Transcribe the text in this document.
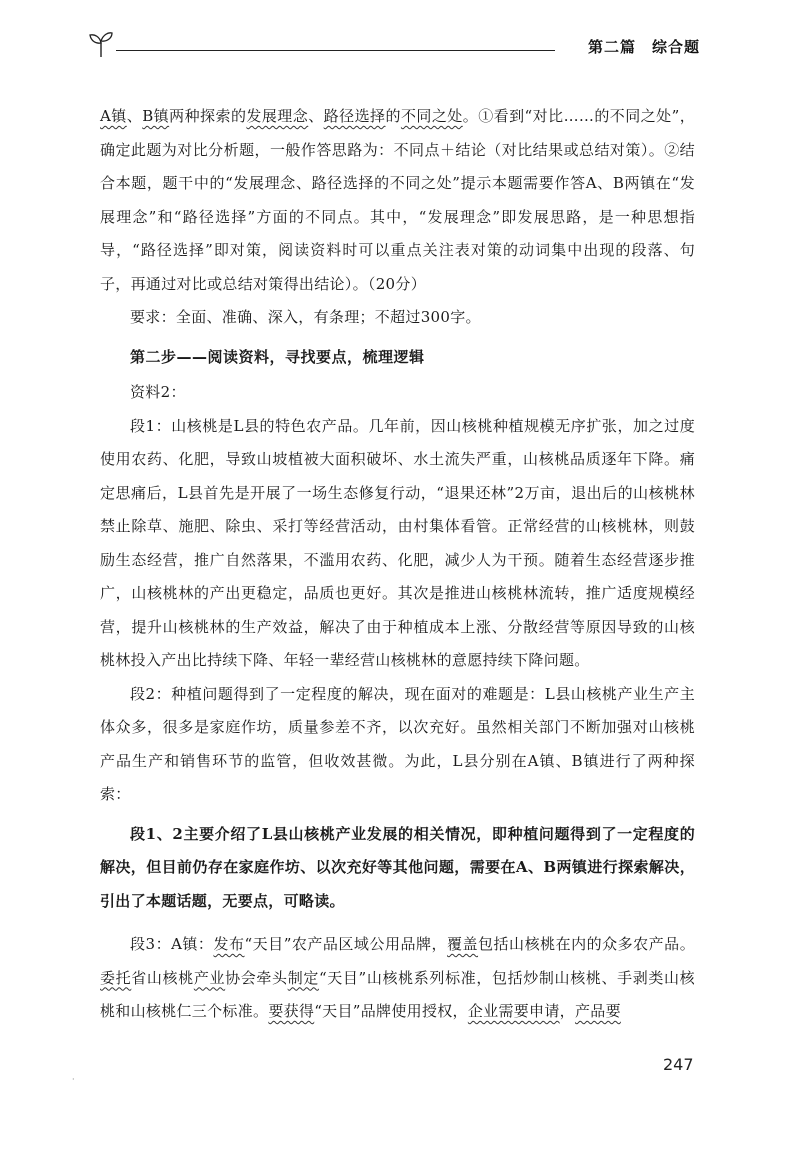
第二篇　综合题

A镇、B镇两种探索的发展理念、路径选择的不同之处。①看到“对比……的不同之处”，确定此题为对比分析题，一般作答思路为：不同点＋结论（对比结果或总结对策）。②结合本题，题干中的“发展理念、路径选择的不同之处”提示本题需要作答A、B两镇在“发展理念”和“路径选择”方面的不同点。其中，“发展理念”即发展思路，是一种思想指导，“路径选择”即对策，阅读资料时可以重点关注表对策的动词集中出现的段落、句子，再通过对比或总结对策得出结论）。（20分）

要求：全面、准确、深入，有条理；不超过300字。

第二步——阅读资料，寻找要点，梳理逻辑

资料2：

段1：山核桃是L县的特色农产品。几年前，因山核桃种植规模无序扩张，加之过度使用农药、化肥，导致山坡植被大面积破坏、水土流失严重，山核桃品质逐年下降。痛定思痛后，L县首先是开展了一场生态修复行动，“退果还林”2万亩，退出后的山核桃林禁止除草、施肥、除虫、采打等经营活动，由村集体看管。正常经营的山核桃林，则鼓励生态经营，推广自然落果，不滥用农药、化肥，减少人为干预。随着生态经营逐步推广，山核桃林的产出更稳定，品质也更好。其次是推进山核桃林流转，推广适度规模经营，提升山核桃林的生产效益，解决了由于种植成本上涨、分散经营等原因导致的山核桃林投入产出比持续下降、年轻一辈经营山核桃林的意愿持续下降问题。

段2：种植问题得到了一定程度的解决，现在面对的难题是：L县山核桃产业生产主体众多，很多是家庭作坊，质量参差不齐，以次充好。虽然相关部门不断加强对山核桃产品生产和销售环节的监管，但收效甚微。为此，L县分别在A镇、B镇进行了两种探索：

段1、2主要介绍了L县山核桃产业发展的相关情况，即种植问题得到了一定程度的解决，但目前仍存在家庭作坊、以次充好等其他问题，需要在A、B两镇进行探索解决，引出了本题话题，无要点，可略读。

段3：A镇：发布“天目”农产品区域公用品牌，覆盖包括山核桃在内的众多农产品。委托省山核桃产业协会牵头制定“天目”山核桃系列标准，包括炒制山核桃、手剥类山核桃和山核桃仁三个标准。要获得“天目”品牌使用授权，企业需要申请，产品要

247
·
